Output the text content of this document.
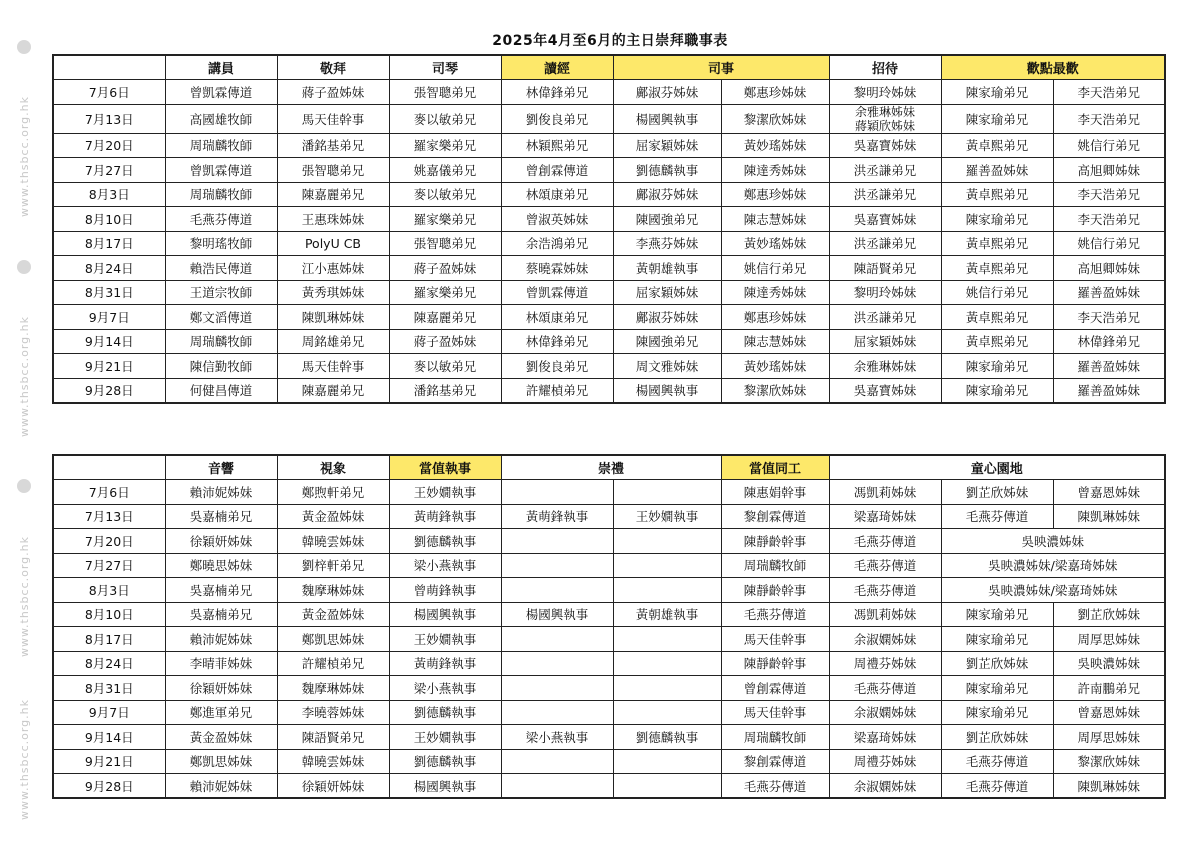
www.thsbcc.org.hk
www.thsbcc.org.hk
www.thsbcc.org.hk
www.thsbcc.org.hk
2025年4月至6月的主日崇拜職事表
	講員	敬拜	司琴	讀經	司事		招待	歡點最歡	
7月6日	曾凱霖傳道	蔣子盈姊妹	張智聰弟兄	林偉鋒弟兄	鄺淑芬姊妹	鄭惠珍姊妹	黎明玲姊妹	陳家瑜弟兄	李天浩弟兄
7月13日	高國雄牧師	馬天佳幹事	麥以敏弟兄	劉俊良弟兄	楊國興執事	黎潔欣姊妹	余雅琳姊妹
蔣穎欣姊妹	陳家瑜弟兄	李天浩弟兄
7月20日	周瑞麟牧師	潘銘基弟兄	羅家樂弟兄	林穎熙弟兄	屈家穎姊妹	黃妙瑤姊妹	吳嘉寶姊妹	黃卓熙弟兄	姚信行弟兄
7月27日	曾凱霖傳道	張智聰弟兄	姚嘉儀弟兄	曾創霖傳道	劉德麟執事	陳達秀姊妹	洪丞謙弟兄	羅善盈姊妹	高旭卿姊妹
8月3日	周瑞麟牧師	陳嘉麗弟兄	麥以敏弟兄	林頌康弟兄	鄺淑芬姊妹	鄭惠珍姊妹	洪丞謙弟兄	黃卓熙弟兄	李天浩弟兄
8月10日	毛燕芬傳道	王惠珠姊妹	羅家樂弟兄	曾淑英姊妹	陳國強弟兄	陳志慧姊妹	吳嘉寶姊妹	陳家瑜弟兄	李天浩弟兄
8月17日	黎明瑤牧師	PolyU CB	張智聰弟兄	余浩鴻弟兄	李燕芬姊妹	黃妙瑤姊妹	洪丞謙弟兄	黃卓熙弟兄	姚信行弟兄
8月24日	賴浩民傳道	江小惠姊妹	蔣子盈姊妹	蔡曉霖姊妹	黃朝雄執事	姚信行弟兄	陳語賢弟兄	黃卓熙弟兄	高旭卿姊妹
8月31日	王道宗牧師	黃秀琪姊妹	羅家樂弟兄	曾凱霖傳道	屈家穎姊妹	陳達秀姊妹	黎明玲姊妹	姚信行弟兄	羅善盈姊妹
9月7日	鄭文滔傳道	陳凱琳姊妹	陳嘉麗弟兄	林頌康弟兄	鄺淑芬姊妹	鄭惠珍姊妹	洪丞謙弟兄	黃卓熙弟兄	李天浩弟兄
9月14日	周瑞麟牧師	周銘雄弟兄	蔣子盈姊妹	林偉鋒弟兄	陳國強弟兄	陳志慧姊妹	屈家穎姊妹	黃卓熙弟兄	林偉鋒弟兄
9月21日	陳信勤牧師	馬天佳幹事	麥以敏弟兄	劉俊良弟兄	周文雅姊妹	黃妙瑤姊妹	余雅琳姊妹	陳家瑜弟兄	羅善盈姊妹
9月28日	何健昌傳道	陳嘉麗弟兄	潘銘基弟兄	許耀楨弟兄	楊國興執事	黎潔欣姊妹	吳嘉寶姊妹	陳家瑜弟兄	羅善盈姊妹
	音響	視象	當值執事	崇禮		當值同工	童心園地		
7月6日	賴沛妮姊妹	鄭煦軒弟兄	王妙嫺執事			陳惠娟幹事	馮凱莉姊妹	劉芷欣姊妹	曾嘉恩姊妹
7月13日	吳嘉楠弟兄	黃金盈姊妹	黃萌鋒執事	黃萌鋒執事	王妙嫺執事	黎創霖傳道	梁嘉琦姊妹	毛燕芬傳道	陳凱琳姊妹
7月20日	徐穎妍姊妹	韓曉雲姊妹	劉德麟執事			陳靜齡幹事	毛燕芬傳道	吳映濃姊妹	
7月27日	鄭曉思姊妹	劉梓軒弟兄	梁小燕執事			周瑞麟牧師	毛燕芬傳道	吳映濃姊妹/梁嘉琦姊妹	
8月3日	吳嘉楠弟兄	魏摩琳姊妹	曾萌鋒執事			陳靜齡幹事	毛燕芬傳道	吳映濃姊妹/梁嘉琦姊妹	
8月10日	吳嘉楠弟兄	黃金盈姊妹	楊國興執事	楊國興執事	黃朝雄執事	毛燕芬傳道	馮凱莉姊妹	陳家瑜弟兄	劉芷欣姊妹
8月17日	賴沛妮姊妹	鄭凱思姊妹	王妙嫺執事			馬天佳幹事	余淑嫻姊妹	陳家瑜弟兄	周厚思姊妹
8月24日	李晴菲姊妹	許耀楨弟兄	黃萌鋒執事			陳靜齡幹事	周禮芬姊妹	劉芷欣姊妹	吳映濃姊妹
8月31日	徐穎妍姊妹	魏摩琳姊妹	梁小燕執事			曾創霖傳道	毛燕芬傳道	陳家瑜弟兄	許南鵬弟兄
9月7日	鄭進軍弟兄	李曉蓉姊妹	劉德麟執事			馬天佳幹事	余淑嫻姊妹	陳家瑜弟兄	曾嘉恩姊妹
9月14日	黃金盈姊妹	陳語賢弟兄	王妙嫺執事	梁小燕執事	劉德麟執事	周瑞麟牧師	梁嘉琦姊妹	劉芷欣姊妹	周厚思姊妹
9月21日	鄭凱思姊妹	韓曉雲姊妹	劉德麟執事			黎創霖傳道	周禮芬姊妹	毛燕芬傳道	黎潔欣姊妹
9月28日	賴沛妮姊妹	徐穎妍姊妹	楊國興執事			毛燕芬傳道	余淑嫻姊妹	毛燕芬傳道	陳凱琳姊妹
